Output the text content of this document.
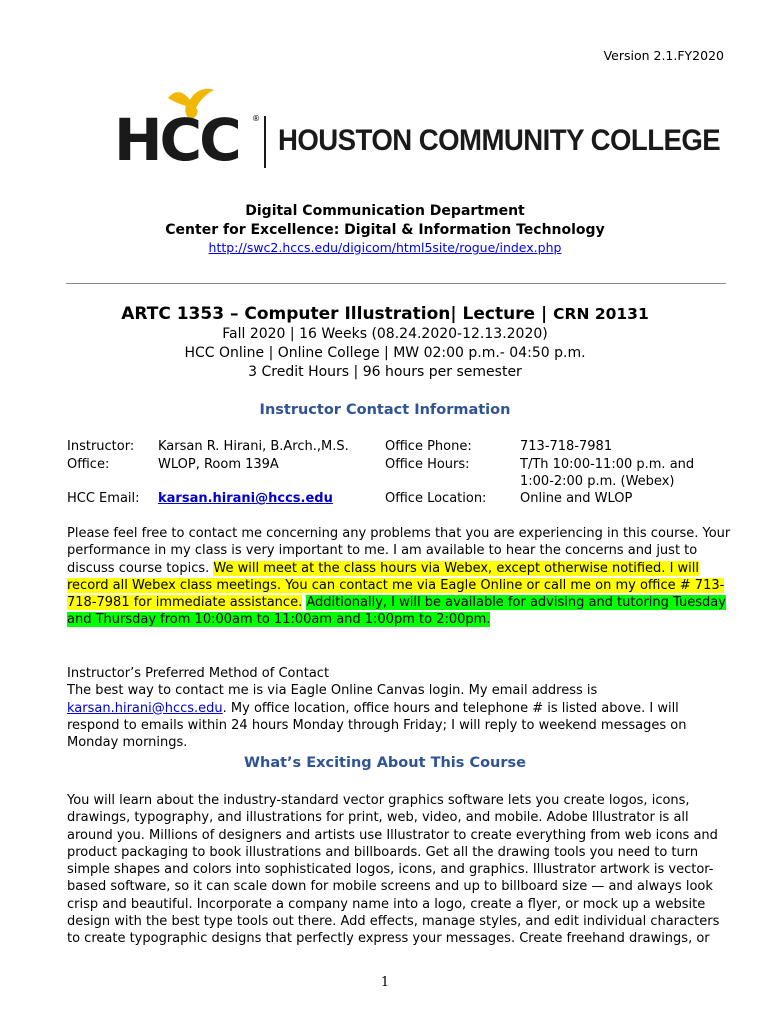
Version 2.1.FY2020
HCC ®
HOUSTON COMMUNITY COLLEGE
Digital Communication Department
Center for Excellence: Digital & Information Technology
http://swc2.hccs.edu/digicom/html5site/rogue/index.php
ARTC 1353 – Computer Illustration| Lecture | CRN 20131
Fall 2020 | 16 Weeks (08.24.2020-12.13.2020)
HCC Online | Online College | MW 02:00 p.m.- 04:50 p.m.
3 Credit Hours | 96 hours per semester
Instructor Contact Information
Instructor: Karsan R. Hirani, B.Arch.,M.S.	Office Phone:	713-718-7981
Office:	WLOP, Room 139A	Office Hours:	T/Th 10:00-11:00 p.m. and
1:00-2:00 p.m. (Webex)
HCC Email: karsan.hirani@hccs.edu	Office Location:	Online and WLOP
Please feel free to contact me concerning any problems that you are experiencing in this course. Your performance in my class is very important to me. I am available to hear the concerns and just to discuss course topics. We will meet at the class hours via Webex, except otherwise notified. I will record all Webex class meetings. You can contact me via Eagle Online or call me on my office # 713-718-7981 for immediate assistance. Additionally, I will be available for advising and tutoring Tuesday and Thursday from 10:00am to 11:00am and 1:00pm to 2:00pm.
Instructor’s Preferred Method of Contact
The best way to contact me is via Eagle Online Canvas login. My email address is karsan.hirani@hccs.edu. My office location, office hours and telephone # is listed above. I will respond to emails within 24 hours Monday through Friday; I will reply to weekend messages on Monday mornings.
What’s Exciting About This Course
You will learn about the industry-standard vector graphics software lets you create logos, icons, drawings, typography, and illustrations for print, web, video, and mobile. Adobe Illustrator is all around you. Millions of designers and artists use Illustrator to create everything from web icons and product packaging to book illustrations and billboards. Get all the drawing tools you need to turn simple shapes and colors into sophisticated logos, icons, and graphics. Illustrator artwork is vector-based software, so it can scale down for mobile screens and up to billboard size — and always look crisp and beautiful. Incorporate a company name into a logo, create a flyer, or mock up a website design with the best type tools out there. Add effects, manage styles, and edit individual characters to create typographic designs that perfectly express your messages. Create freehand drawings, or
1
